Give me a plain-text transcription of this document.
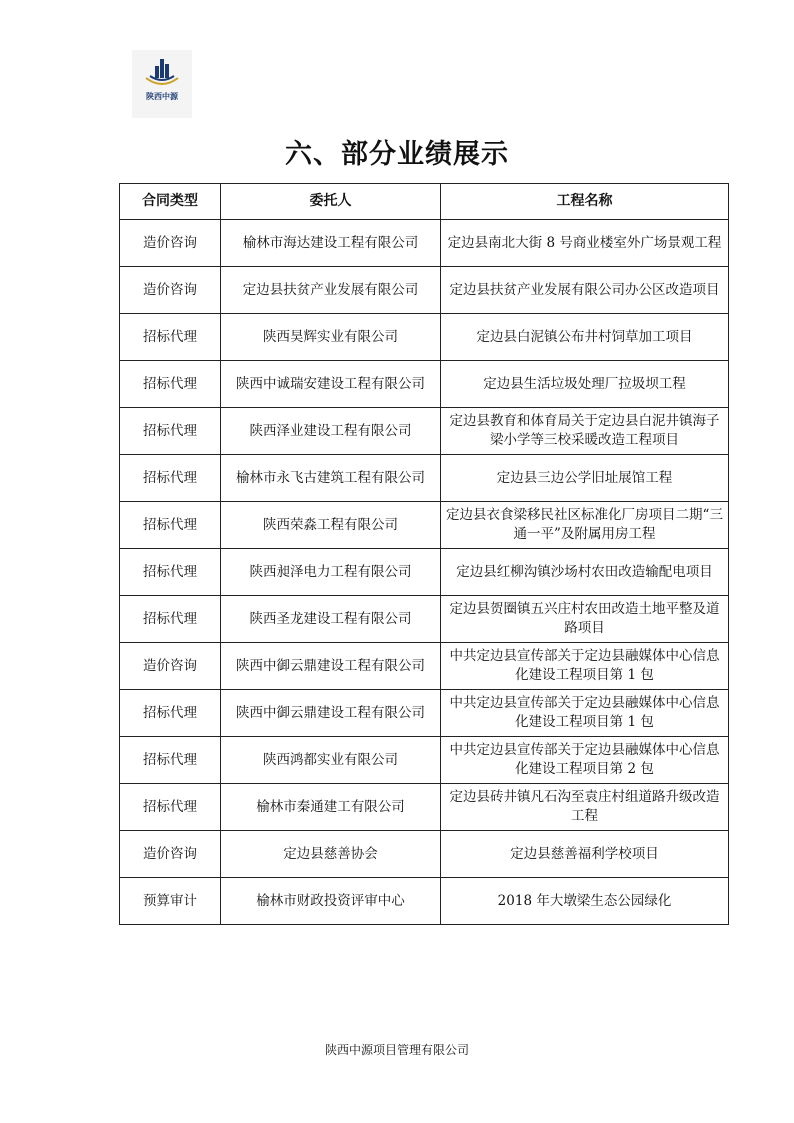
陕西中源
六、部分业绩展示
合同类型	委托人	工程名称
造价咨询	榆林市海达建设工程有限公司	定边县南北大街 8 号商业楼室外广场景观工程
造价咨询	定边县扶贫产业发展有限公司	定边县扶贫产业发展有限公司办公区改造项目
招标代理	陕西昊辉实业有限公司	定边县白泥镇公布井村饲草加工项目
招标代理	陕西中诚瑞安建设工程有限公司	定边县生活垃圾处理厂拉圾坝工程
招标代理	陕西泽业建设工程有限公司	定边县教育和体育局关于定边县白泥井镇海子梁小学等三校采暖改造工程项目
招标代理	榆林市永飞古建筑工程有限公司	定边县三边公学旧址展馆工程
招标代理	陕西荣淼工程有限公司	定边县衣食梁移民社区标准化厂房项目二期“三通一平”及附属用房工程
招标代理	陕西昶泽电力工程有限公司	定边县红柳沟镇沙场村农田改造输配电项目
招标代理	陕西圣龙建设工程有限公司	定边县贺圈镇五兴庄村农田改造土地平整及道路项目
造价咨询	陕西中御云鼎建设工程有限公司	中共定边县宣传部关于定边县融媒体中心信息化建设工程项目第 1 包
招标代理	陕西中御云鼎建设工程有限公司	中共定边县宣传部关于定边县融媒体中心信息化建设工程项目第 1 包
招标代理	陕西鸿都实业有限公司	中共定边县宣传部关于定边县融媒体中心信息化建设工程项目第 2 包
招标代理	榆林市秦通建工有限公司	定边县砖井镇凡石沟至袁庄村组道路升级改造工程
造价咨询	定边县慈善协会	定边县慈善福利学校项目
预算审计	榆林市财政投资评审中心	2018 年大墩梁生态公园绿化
陕西中源项目管理有限公司
